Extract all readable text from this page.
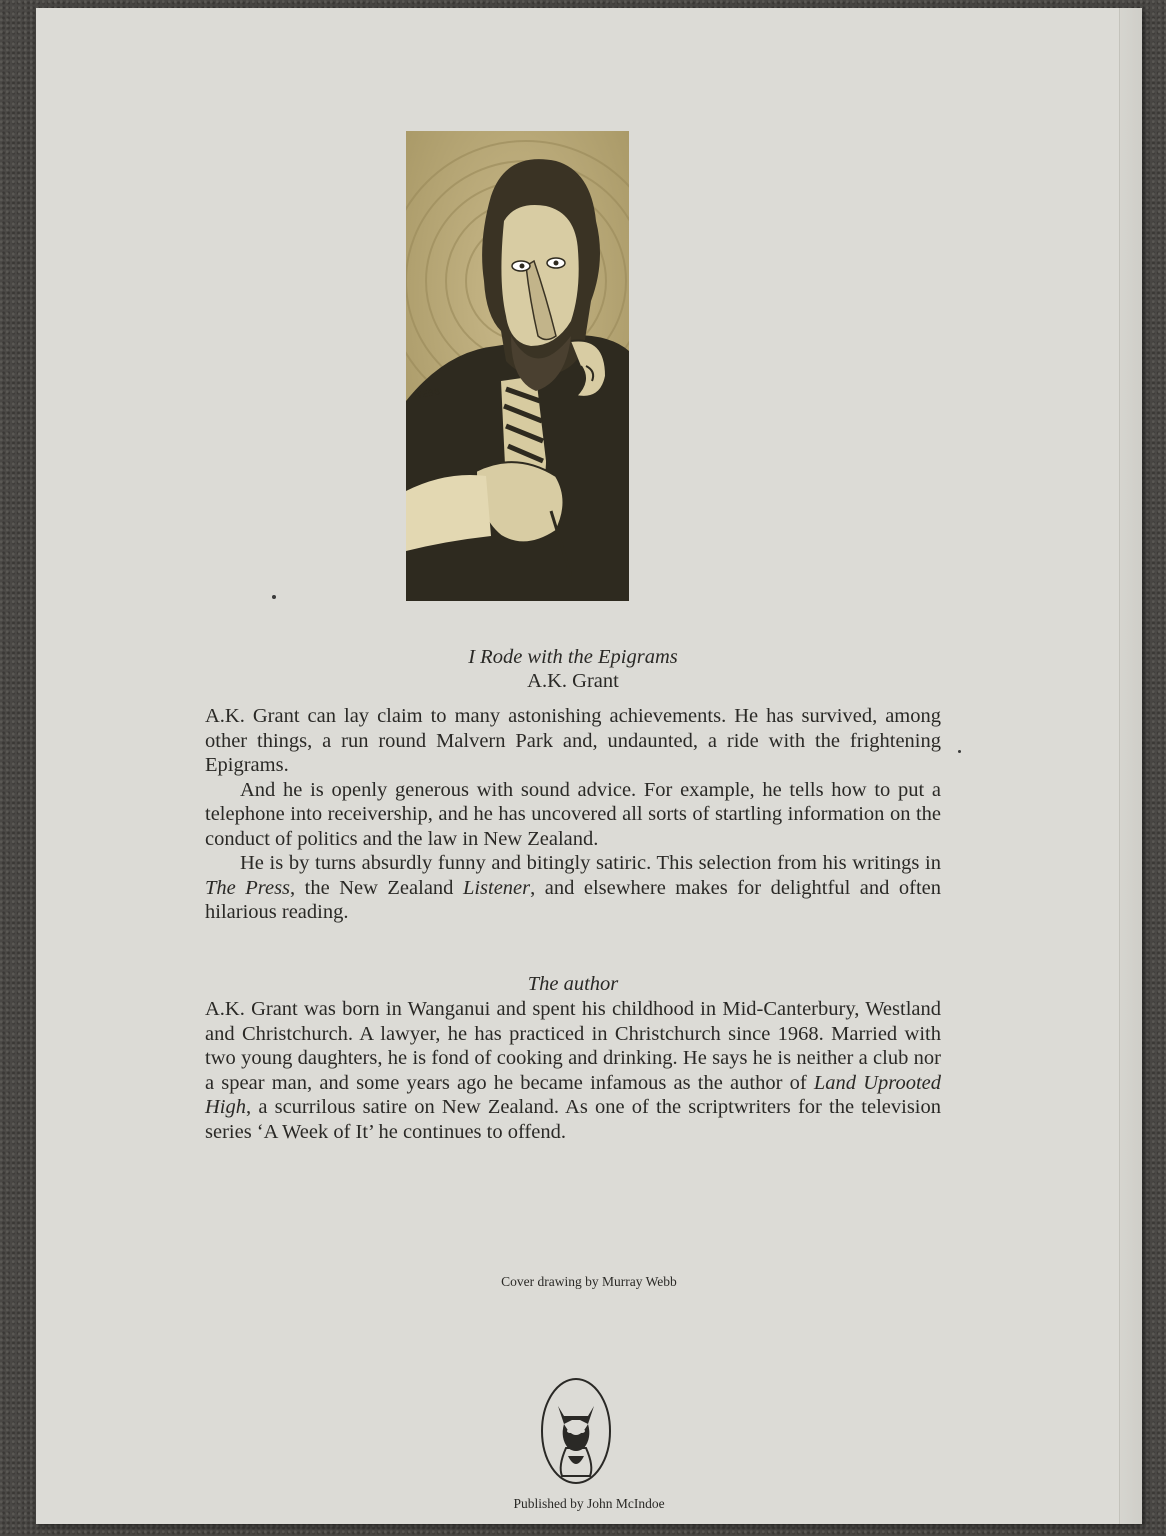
WEBB
I Rode with the Epigrams
A.K. Grant

A.K. Grant can lay claim to many astonishing achievements. He has survived, among other things, a run round Malvern Park and, undaunted, a ride with the frightening Epigrams.

And he is openly generous with sound advice. For example, he tells how to put a telephone into receivership, and he has uncovered all sorts of startling information on the conduct of politics and the law in New Zealand.

He is by turns absurdly funny and bitingly satiric. This selection from his writings in The Press, the New Zealand Listener, and elsewhere makes for delightful and often hilarious reading.

The author

A.K. Grant was born in Wanganui and spent his childhood in Mid-Canterbury, Westland and Christchurch. A lawyer, he has practiced in Christchurch since 1968. Married with two young daughters, he is fond of cooking and drinking. He says he is neither a club nor a spear man, and some years ago he became infamous as the author of Land Uprooted High, a scurrilous satire on New Zealand. As one of the scriptwriters for the television series ‘A Week of It’ he continues to offend.

Cover drawing by Murray Webb
Published by John McIndoe
